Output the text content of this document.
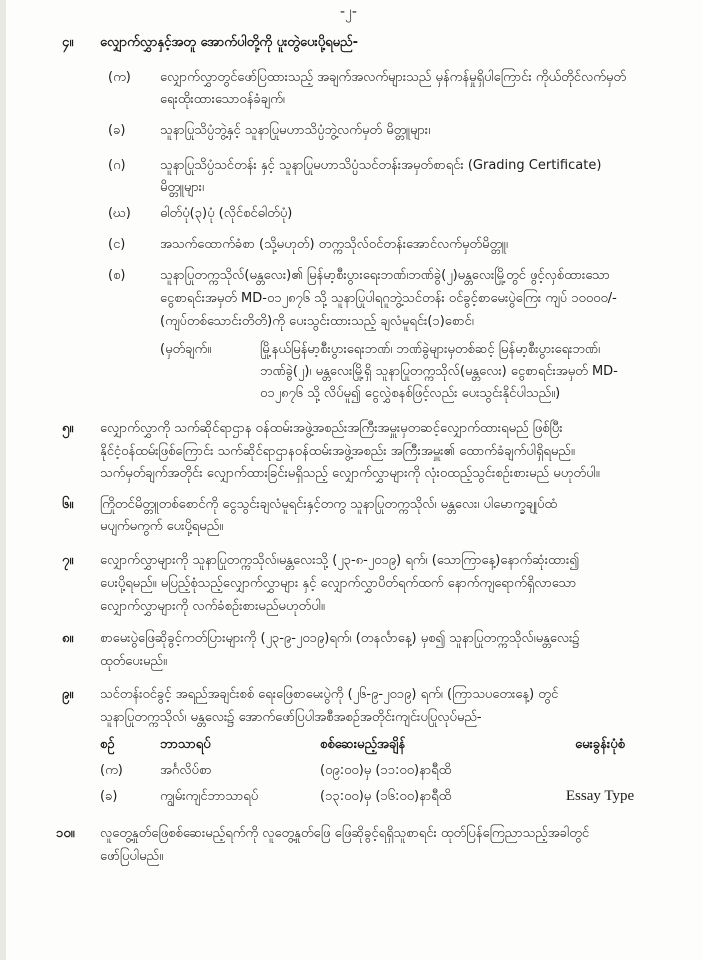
-၂-
၄။ လျှောက်လွှာနှင့်အတူ အောက်ပါတို့ကို ပူးတွဲပေးပို့ရမည်-
(က) လျှောက်လွှာတွင်ဖော်ပြထားသည့် အချက်အလက်များသည် မှန်ကန်မှုရှိပါကြောင်း ကိုယ်တိုင်လက်မှတ်
ရေးထိုးထားသောဝန်ခံချက်၊
(ခ)	သူနာပြုသိပ္ပံဘွဲ့နှင့် သူနာပြုမဟာသိပ္ပံဘွဲ့လက်မှတ် မိတ္တူများ၊
(ဂ)	သူနာပြုသိပ္ပံသင်တန်း နှင့် သူနာပြုမဟာသိပ္ပံသင်တန်းအမှတ်စာရင်း (Grading Certificate)
မိတ္တူများ၊
(ဃ) ဓါတ်ပုံ(၃)ပုံ (လိုင်စင်ဓါတ်ပုံ)
(င)	အသက်ထောက်ခံစာ (သို့မဟုတ်) တက္ကသိုလ်ဝင်တန်းအောင်လက်မှတ်မိတ္တူ၊
(စ)	သူနာပြုတက္ကသိုလ်(မန္တလေး)၏ မြန်မာ့စီးပွားရေးဘဏ်၊ဘဏ်ခွဲ(၂)မန္တလေးမြို့တွင် ဖွင့်လှစ်ထားသော
ငွေစာရင်းအမှတ် MD-၀၁၂၈၇၆ သို့ သူနာပြုပါရဂူဘွဲ့သင်တန်း ဝင်ခွင့်စာမေးပွဲကြေး ကျပ် ၁၀၀၀၀/-
(ကျပ်တစ်သောင်းတိတိ)ကို ပေးသွင်းထားသည့် ချလံမူရင်း(၁)စောင်၊
(မှတ်ချက်။	မြို့နယ်မြန်မာ့စီးပွားရေးဘဏ်၊ ဘဏ်ခွဲများမှတစ်ဆင့် မြန်မာ့စီးပွားရေးဘဏ်၊
ဘဏ်ခွဲ(၂)၊ မန္တလေးမြို့ရှိ သူနာပြုတက္ကသိုလ်(မန္တလေး) ငွေစာရင်းအမှတ် MD-
၀၁၂၈၇၆ သို့ လိပ်မူ၍ ငွေလွှဲစနစ်ဖြင့်လည်း ပေးသွင်းနိုင်ပါသည်။)
၅။ လျှောက်လွှာကို သက်ဆိုင်ရာဌာန ဝန်ထမ်းအဖွဲ့အစည်းအကြီးအမှူးမှတဆင့်လျှောက်ထားရမည် ဖြစ်ပြီး
နိုင်ငံ့ဝန်ထမ်းဖြစ်ကြောင်း သက်ဆိုင်ရာဌာနဝန်ထမ်းအဖွဲ့အစည်း အကြီးအမှူး၏ ထောက်ခံချက်ပါရှိရမည်။
သက်မှတ်ချက်အတိုင်း လျှောက်ထားခြင်းမရှိသည့် လျှောက်လွှာများကို လုံးဝထည့်သွင်းစဉ်းစားမည် မဟုတ်ပါ။
၆။ ကြိုတင်မိတ္တူတစ်စောင်ကို ငွေသွင်းချလံမူရင်းနှင့်တကွ သူနာပြုတက္ကသိုလ်၊ မန္တလေး၊ ပါမောက္ခချုပ်ထံ
မပျက်မကွက် ပေးပို့ရမည်။
၇။ လျှောက်လွှာများကို သူနာပြုတက္ကသိုလ်၊မန္တလေးသို့ (၂၃-၈-၂၀၁၉) ရက်၊ (သောကြာနေ့)နောက်ဆုံးထား၍
ပေးပို့ရမည်။ မပြည့်စုံသည့်လျှောက်လွှာများ နှင့် လျှောက်လွှာပိတ်ရက်ထက် နောက်ကျရောက်ရှိလာသော
လျှောက်လွှာများကို လက်ခံစဉ်းစားမည်မဟုတ်ပါ။
၈။ စာမေးပွဲဖြေဆိုခွင့်ကတ်ပြားများကို (၂၃-၉-၂၀၁၉)ရက်၊ (တနင်္လာနေ့) မှစ၍ သူနာပြုတက္ကသိုလ်၊မန္တလေး၌
ထုတ်ပေးမည်။
၉။ သင်တန်းဝင်ခွင့် အရည်အချင်းစစ် ရေးဖြေစာမေးပွဲကို (၂၆-၉-၂၀၁၉) ရက်၊ (ကြာသပတေးနေ့) တွင်
သူနာပြုတက္ကသိုလ်၊ မန္တလေး၌ အောက်ဖော်ပြပါအစီအစဉ်အတိုင်းကျင်းပပြုလုပ်မည်-
စဉ်	ဘာသာရပ်	စစ်ဆေးမည့်အချိန်	မေးခွန်းပုံစံ
(က)	အင်္ဂလိပ်စာ	(၀၉:၀၀)မှ (၁၁:၀၀)နာရီထိ	
(ခ)	ကျွမ်းကျင်ဘာသာရပ်	(၁၃:၀၀)မှ (၁၆:၀၀)နာရီထိ	Essay Type
၁၀။ လူတွေ့နှုတ်ဖြေစစ်ဆေးမည့်ရက်ကို လူတွေ့နှုတ်ဖြေ ဖြေဆိုခွင့်ရရှိသူစာရင်း ထုတ်ပြန်ကြေညာသည့်အခါတွင်
ဖော်ပြပါမည်။
